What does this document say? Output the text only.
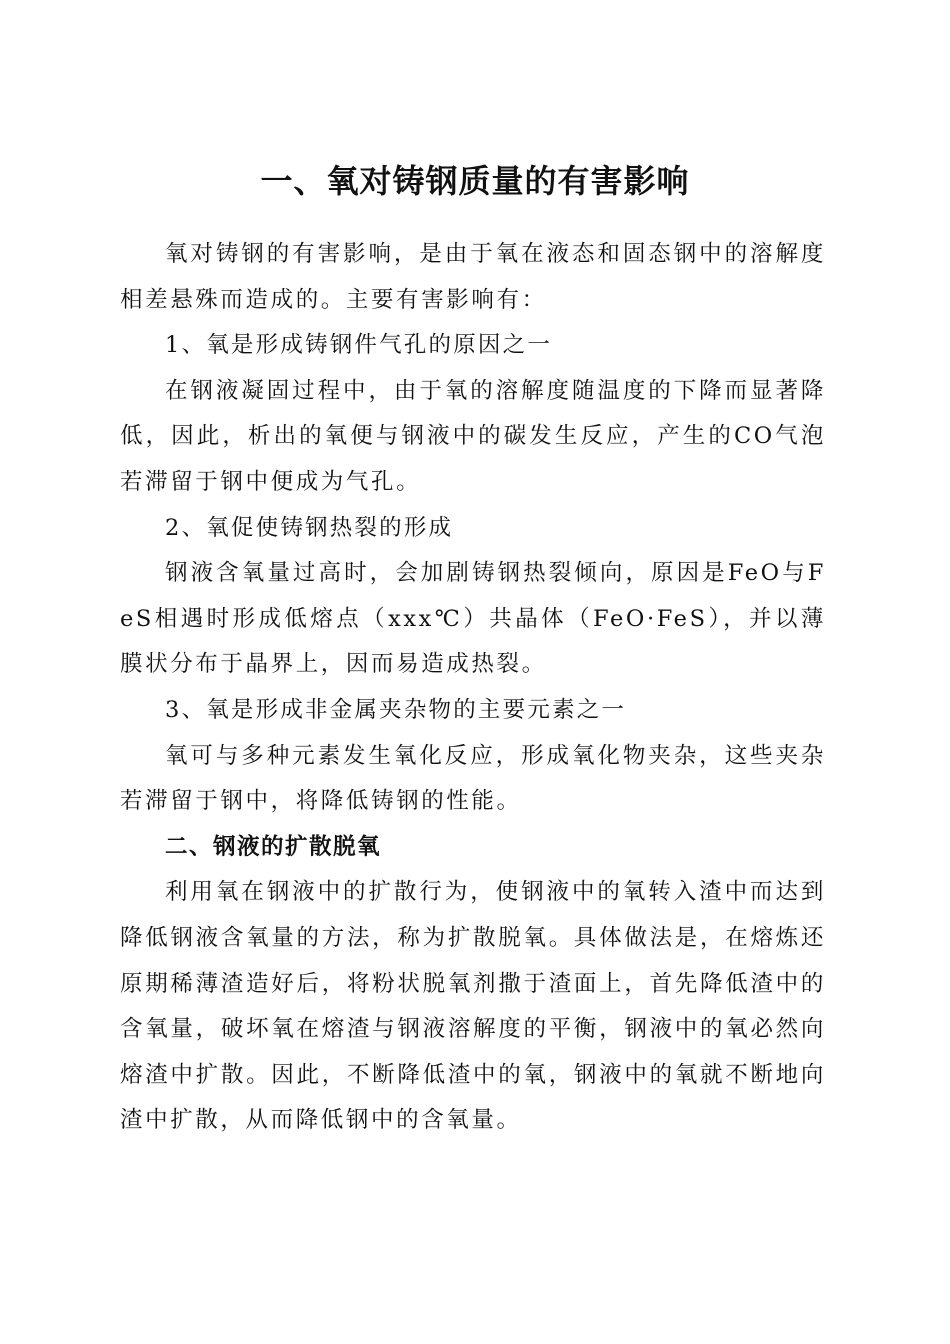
一、氧对铸钢质量的有害影响

氧对铸钢的有害影响，是由于氧在液态和固态钢中的溶解度相差悬殊而造成的。主要有害影响有：

1、氧是形成铸钢件气孔的原因之一

在钢液凝固过程中，由于氧的溶解度随温度的下降而显著降低，因此，析出的氧便与钢液中的碳发生反应，产生的CO气泡若滞留于钢中便成为气孔。

2、氧促使铸钢热裂的形成

钢液含氧量过高时，会加剧铸钢热裂倾向，原因是FeO与FeS相遇时形成低熔点（xxx℃）共晶体（FeO·FeS），并以薄膜状分布于晶界上，因而易造成热裂。

3、氧是形成非金属夹杂物的主要元素之一

氧可与多种元素发生氧化反应，形成氧化物夹杂，这些夹杂若滞留于钢中，将降低铸钢的性能。

二、钢液的扩散脱氧

利用氧在钢液中的扩散行为，使钢液中的氧转入渣中而达到降低钢液含氧量的方法，称为扩散脱氧。具体做法是，在熔炼还原期稀薄渣造好后，将粉状脱氧剂撒于渣面上，首先降低渣中的含氧量，破坏氧在熔渣与钢液溶解度的平衡，钢液中的氧必然向熔渣中扩散。因此，不断降低渣中的氧，钢液中的氧就不断地向渣中扩散，从而降低钢中的含氧量。
